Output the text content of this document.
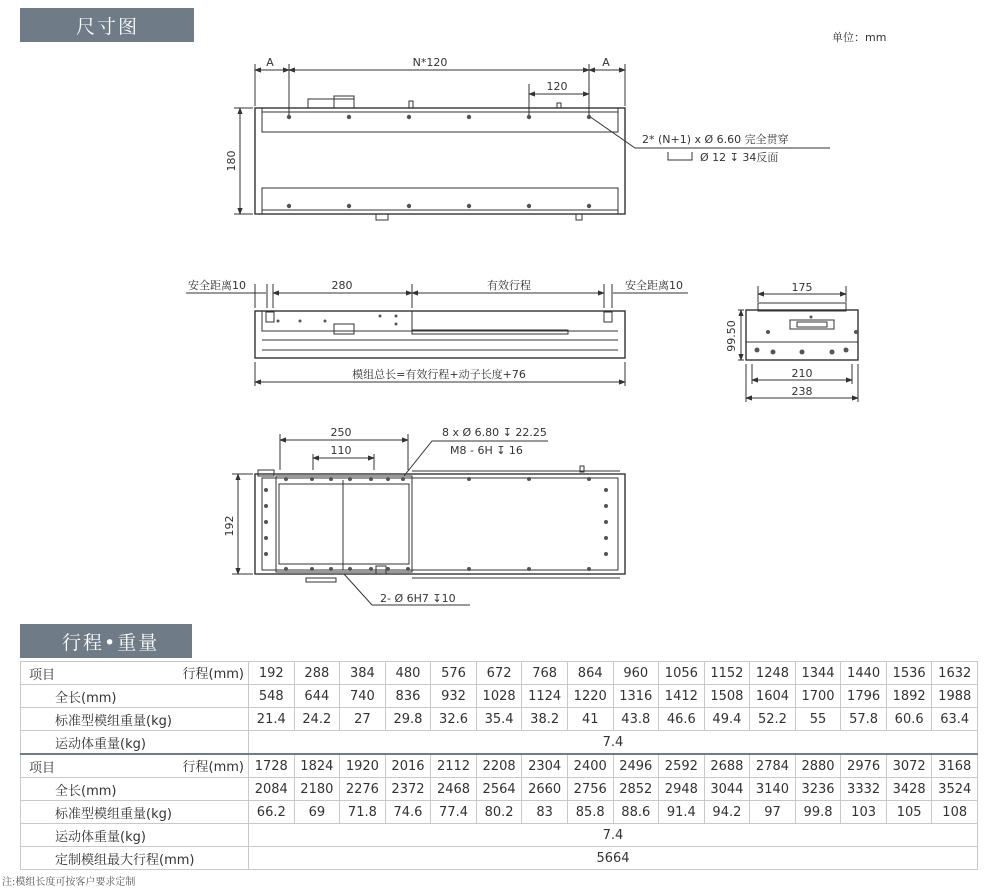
尺寸图	单位：mm
A	N*120	A
120
180
2* (N+1) x Ø 6.60 完全贯穿
Ø 12 ↧ 34反面
安全距离10	280	有效行程	安全距离10
模组总长=有效行程+动子长度+76
175
99.50
210
238
250
110
8 x Ø 6.80 ↧ 22.25
M8 - 6H ↧ 16
192
2- Ø 6H7 ↧10
行程•重量
项目 行程(mm)	192	288	384	480	576	672	768	864	960	1056	1152	1248	1344	1440	1536	1632
全长(mm)	548	644	740	836	932	1028	1124	1220	1316	1412	1508	1604	1700	1796	1892	1988
标准型模组重量(kg)	21.4	24.2	27	29.8	32.6	35.4	38.2	41	43.8	46.6	49.4	52.2	55	57.8	60.6	63.4
运动体重量(kg)	7.4															

项目 行程(mm)	1728	1824	1920	2016	2112	2208	2304	2400	2496	2592	2688	2784	2880	2976	3072	3168
全长(mm)	2084	2180	2276	2372	2468	2564	2660	2756	2852	2948	3044	3140	3236	3332	3428	3524
标准型模组重量(kg)	66.2	69	71.8	74.6	77.4	80.2	83	85.8	88.6	91.4	94.2	97	99.8	103	105	108
运动体重量(kg)	7.4															
定制模组最大行程(mm)	5664															
注:模组长度可按客户要求定制
